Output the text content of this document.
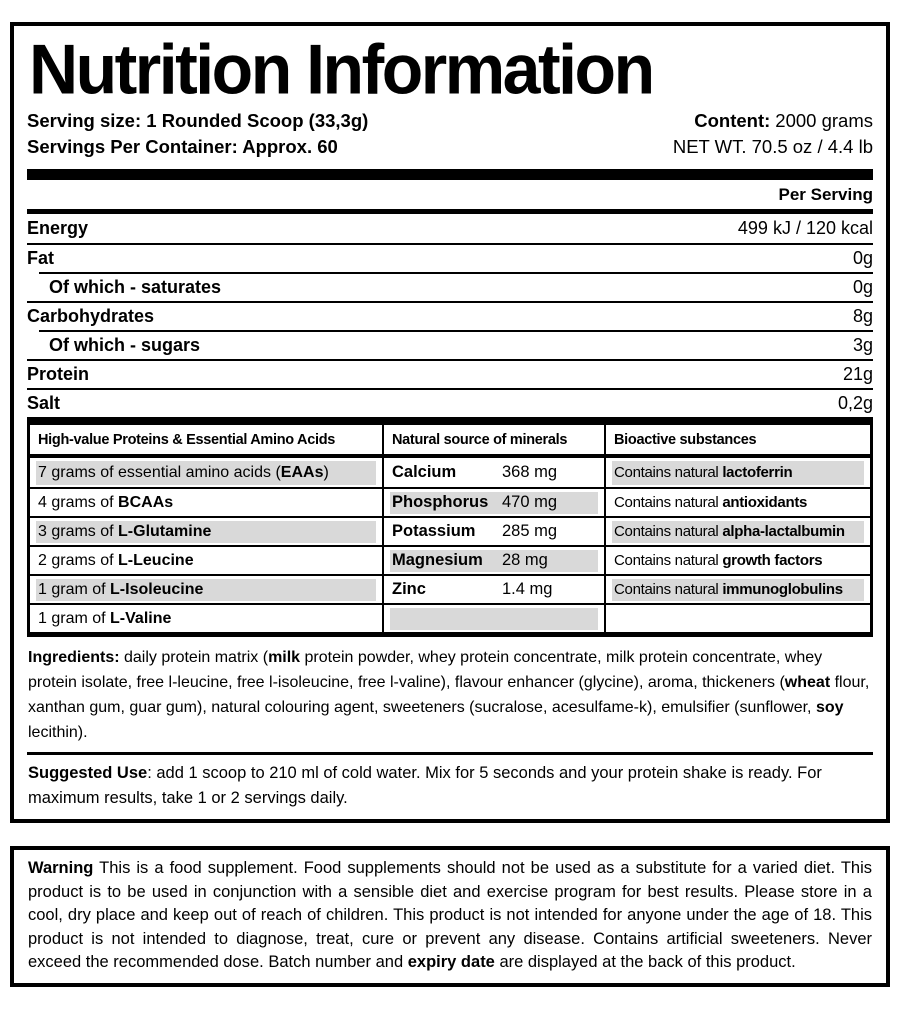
Nutrition Information
Serving size: 1 Rounded Scoop (33,3g)
Servings Per Container: Approx. 60
Content: 2000 grams
NET WT. 70.5 oz / 4.4 lb
Per Serving
Energy	499 kJ / 120 kcal
Fat	0g
Of which - saturates	0g
Carbohydrates	8g
Of which - sugars	3g
Protein	21g
Salt	0,2g
High-value Proteins & Essential Amino Acids	Natural source of minerals	Bioactive substances
7 grams of essential amino acids (EAAs)	Calcium	368 mg	Contains natural lactoferrin
4 grams of BCAAs	Phosphorus 470 mg	Contains natural antioxidants
3 grams of L-Glutamine	Potassium	285 mg	Contains natural alpha-lactalbumin
2 grams of L-Leucine	Magnesium	28 mg	Contains natural growth factors
1 gram of L-Isoleucine	Zinc	1.4 mg	Contains natural immunoglobulins
1 gram of L-Valine

Ingredients: daily protein matrix (milk protein powder, whey protein concentrate, milk protein concentrate, whey protein isolate, free l-leucine, free l-isoleucine, free l-valine), flavour enhancer (glycine), aroma, thickeners (wheat flour, xanthan gum, guar gum), natural colouring agent, sweeteners (sucralose, acesulfame-k), emulsifier (sunflower, soy lecithin).

Suggested Use: add 1 scoop to 210 ml of cold water. Mix for 5 seconds and your protein shake is ready. For maximum results, take 1 or 2 servings daily.

Warning This is a food supplement. Food supplements should not be used as a substitute for a varied diet. This product is to be used in conjunction with a sensible diet and exercise program for best results. Please store in a cool, dry place and keep out of reach of children. This product is not intended for anyone under the age of 18. This product is not intended to diagnose, treat, cure or prevent any disease. Contains artificial sweeteners. Never exceed the recommended dose. Batch number and expiry date are displayed at the back of this product.
